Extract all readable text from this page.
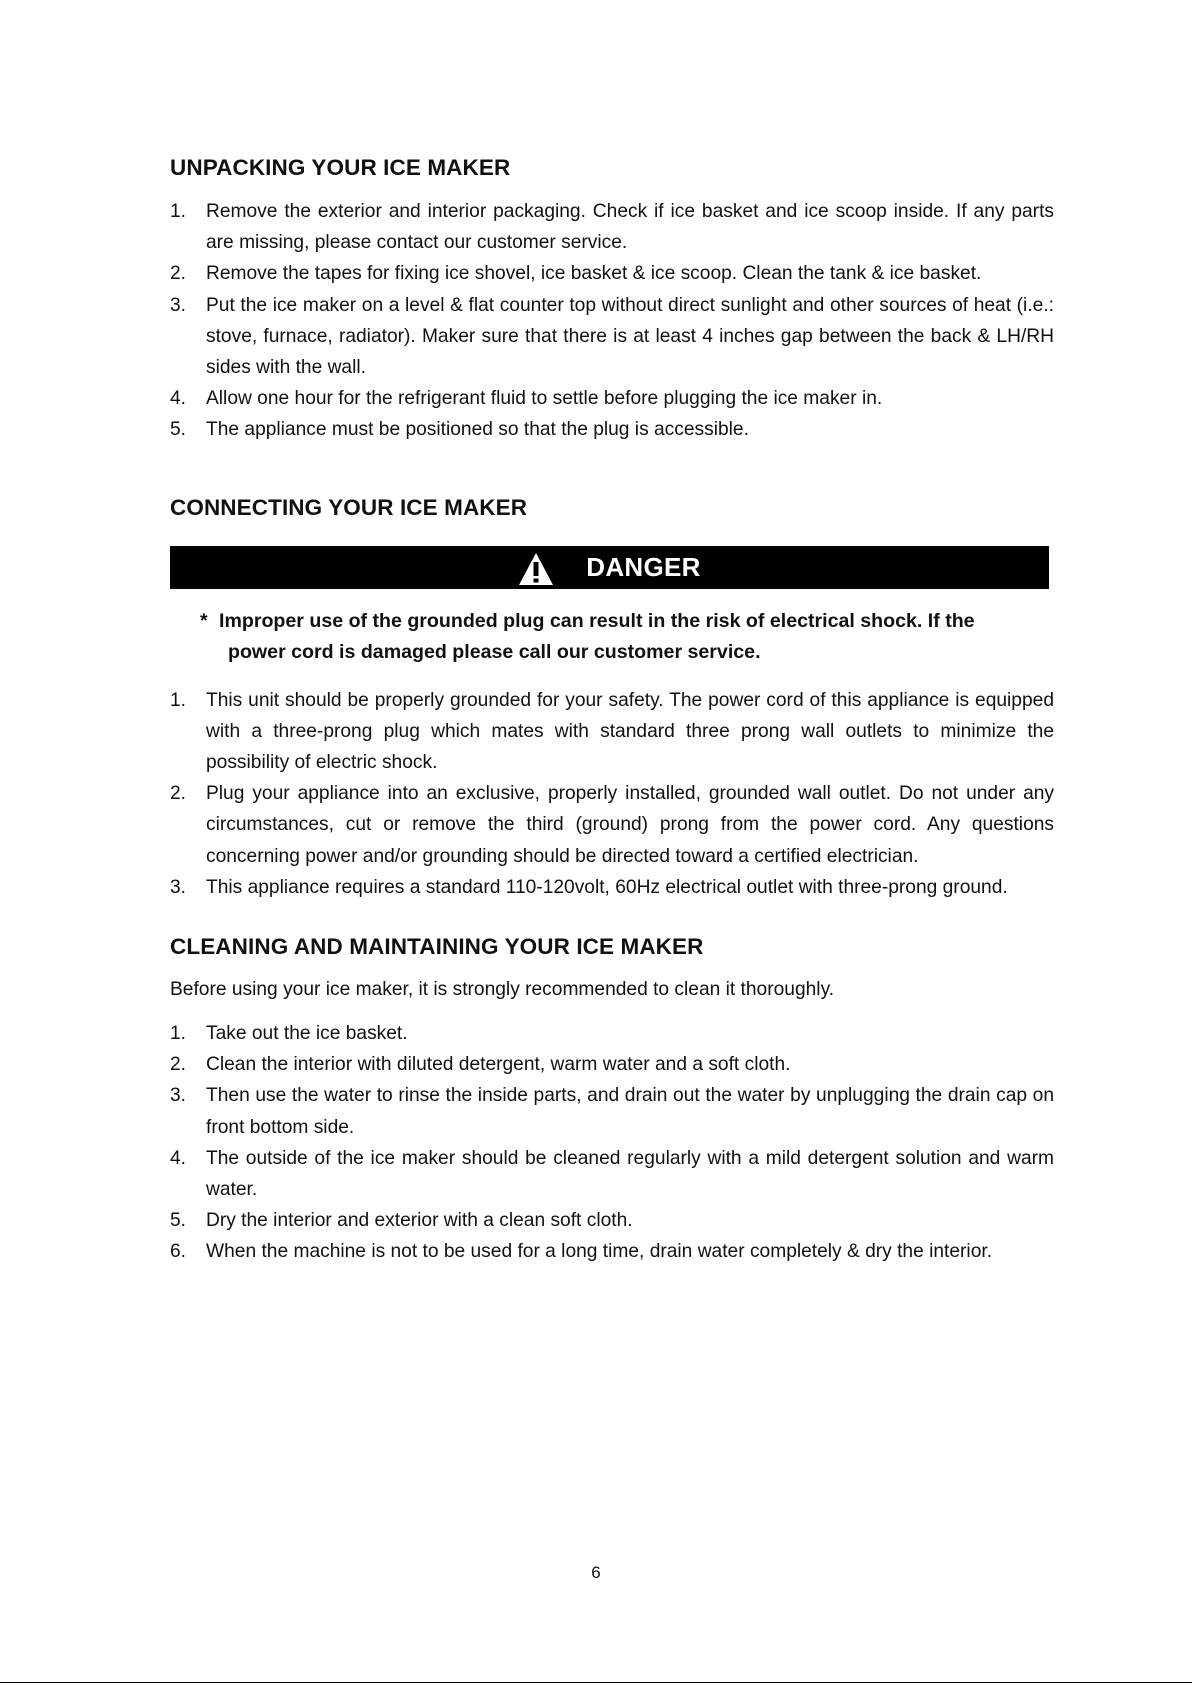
UNPACKING YOUR ICE MAKER
1. Remove the exterior and interior packaging. Check if ice basket and ice scoop inside. If any parts are missing, please contact our customer service.
2. Remove the tapes for fixing ice shovel, ice basket & ice scoop. Clean the tank & ice basket.
3. Put the ice maker on a level & flat counter top without direct sunlight and other sources of heat (i.e.: stove, furnace, radiator). Maker sure that there is at least 4 inches gap between the back & LH/RH sides with the wall.
4. Allow one hour for the refrigerant fluid to settle before plugging the ice maker in.
5. The appliance must be positioned so that the plug is accessible.
CONNECTING YOUR ICE MAKER
DANGER
* Improper use of the grounded plug can result in the risk of electrical shock. If the
power cord is damaged please call our customer service.
1. This unit should be properly grounded for your safety. The power cord of this appliance is equipped with a three-prong plug which mates with standard three prong wall outlets to minimize the possibility of electric shock.
2. Plug your appliance into an exclusive, properly installed, grounded wall outlet. Do not under any circumstances, cut or remove the third (ground) prong from the power cord. Any questions concerning power and/or grounding should be directed toward a certified electrician.
3. This appliance requires a standard 110-120volt, 60Hz electrical outlet with three-prong ground.
CLEANING AND MAINTAINING YOUR ICE MAKER

Before using your ice maker, it is strongly recommended to clean it thoroughly.

1. Take out the ice basket.
2. Clean the interior with diluted detergent, warm water and a soft cloth.
3. Then use the water to rinse the inside parts, and drain out the water by unplugging the drain cap on front bottom side.
4. The outside of the ice maker should be cleaned regularly with a mild detergent solution and warm water.
5. Dry the interior and exterior with a clean soft cloth.
6. When the machine is not to be used for a long time, drain water completely & dry the interior.
6
